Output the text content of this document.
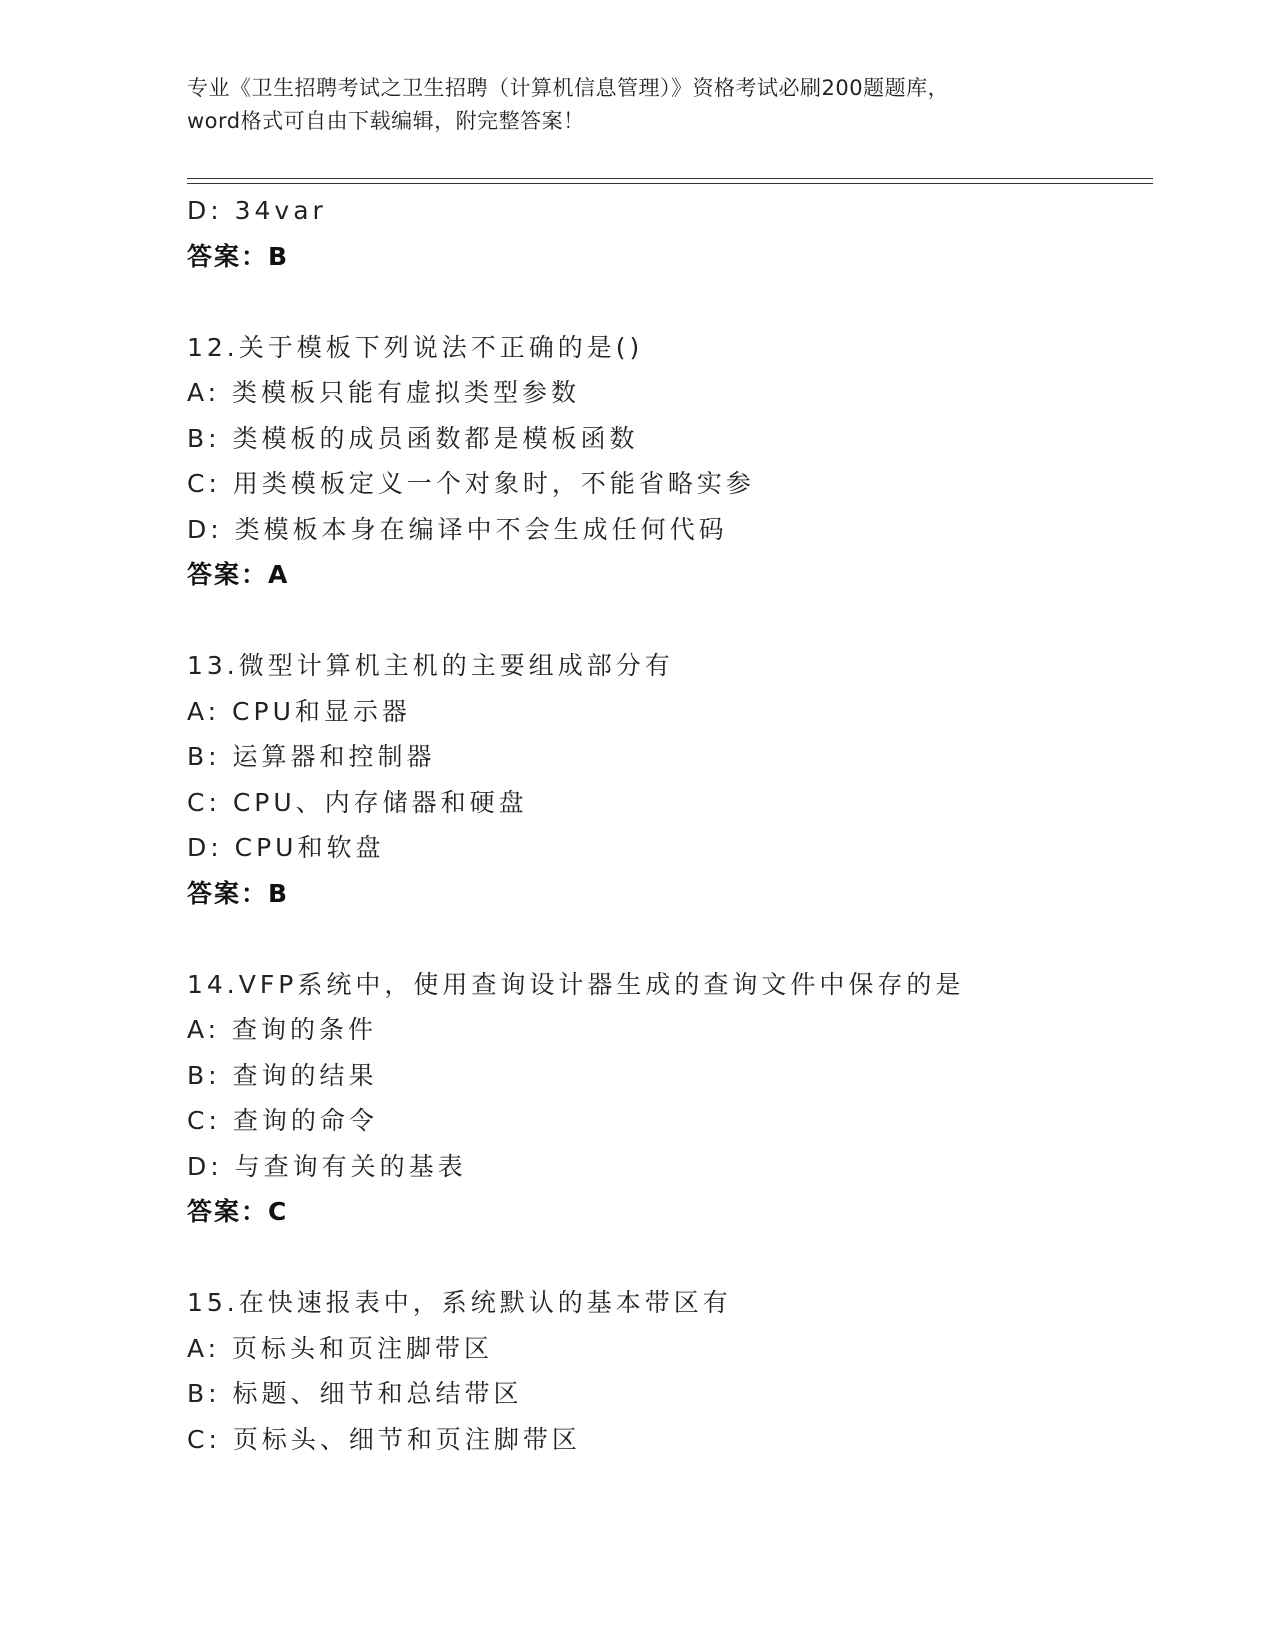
专业《卫生招聘考试之卫生招聘（计算机信息管理）》资格考试必刷200题题库，
word格式可自由下载编辑，附完整答案！
D: 34var
答案：B
12.关于模板下列说法不正确的是()
A: 类模板只能有虚拟类型参数
B: 类模板的成员函数都是模板函数
C: 用类模板定义一个对象时，不能省略实参
D: 类模板本身在编译中不会生成任何代码
答案：A
13.微型计算机主机的主要组成部分有
A: CPU和显示器
B: 运算器和控制器
C: CPU、内存储器和硬盘
D: CPU和软盘
答案：B
14.VFP系统中，使用查询设计器生成的查询文件中保存的是
A: 查询的条件
B: 查询的结果
C: 查询的命令
D: 与查询有关的基表
答案：C
15.在快速报表中，系统默认的基本带区有
A: 页标头和页注脚带区
B: 标题、细节和总结带区
C: 页标头、细节和页注脚带区
